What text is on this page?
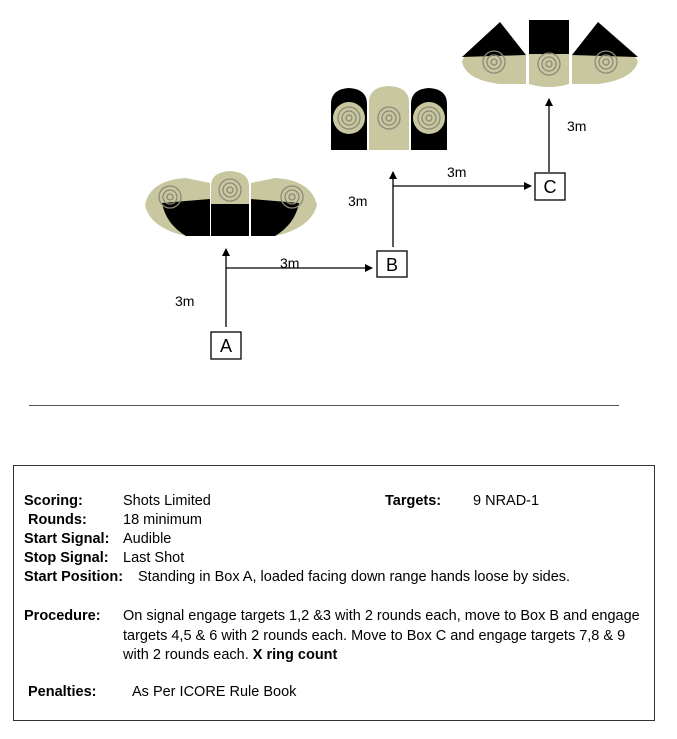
A
B
C
3m
3m
3m
3m
3m
Scoring:	Shots Limited	Targets: 9 NRAD-1
Rounds: 18 minimum
Start Signal: Audible
Stop Signal: Last Shot
Start Position: Standing in Box A, loaded facing down range hands loose by sides.
Procedure: On signal engage targets 1,2 &3 with 2 rounds each, move to Box B and engage targets 4,5 & 6 with 2 rounds each. Move to Box C and engage targets 7,8 & 9 with 2 rounds each. X ring count
Penalties: As Per ICORE Rule Book
